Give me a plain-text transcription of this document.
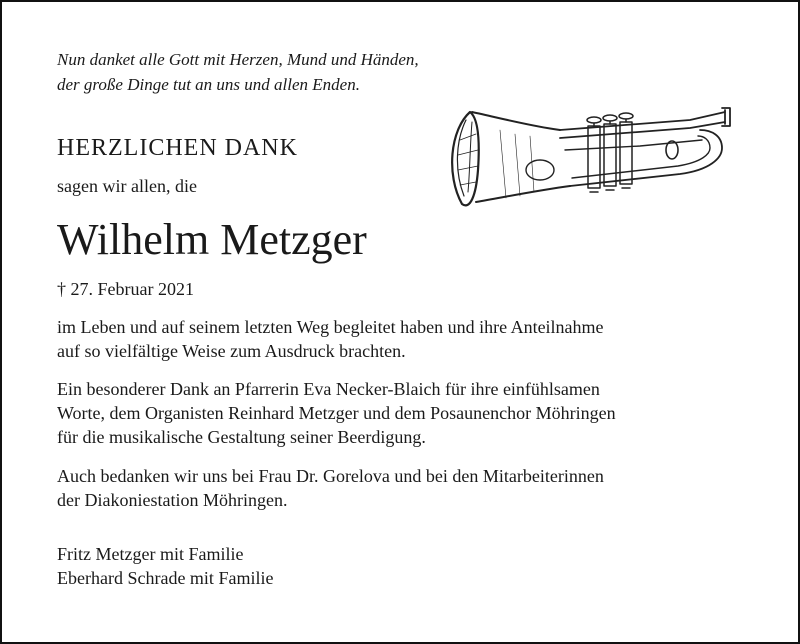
Nun danket alle Gott mit Herzen, Mund und Händen,
der große Dinge tut an uns und allen Enden.
HERZLICHEN DANK
sagen wir allen, die
Wilhelm Metzger
† 27. Februar 2021
im Leben und auf seinem letzten Weg begleitet haben und ihre Anteilnahme
auf so vielfältige Weise zum Ausdruck brachten.
Ein besonderer Dank an Pfarrerin Eva Necker-Blaich für ihre einfühlsamen
Worte, dem Organisten Reinhard Metzger und dem Posaunenchor Möhringen
für die musikalische Gestaltung seiner Beerdigung.
Auch bedanken wir uns bei Frau Dr. Gorelova und bei den Mitarbeiterinnen
der Diakoniestation Möhringen.
Fritz Metzger mit Familie
Eberhard Schrade mit Familie
